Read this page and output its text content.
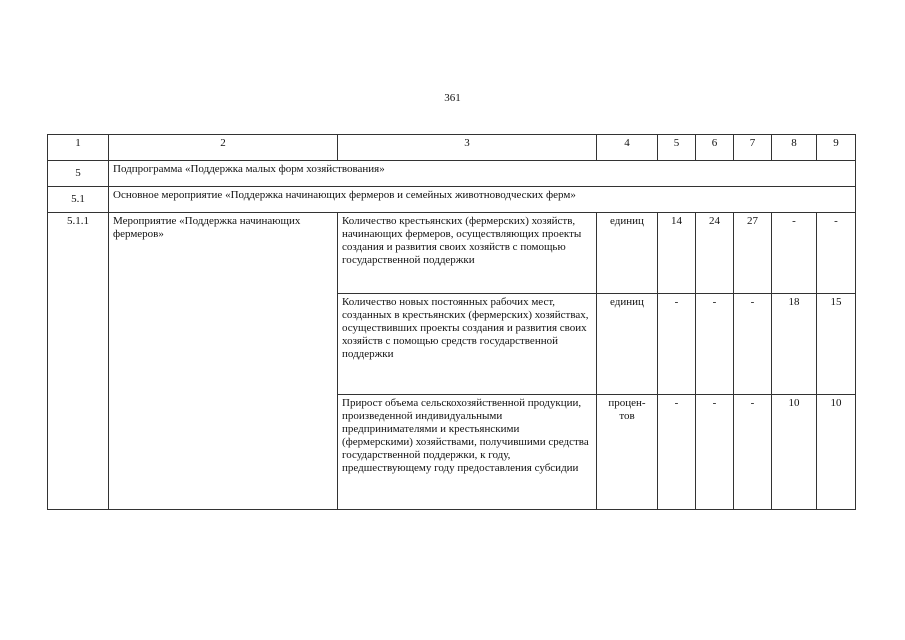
361
1	2	3	4	5	6	7	8	9
5	Подпрограмма «Поддержка малых форм хозяйствования»							
5.1	Основное мероприятие «Поддержка начинающих фермеров и семейных животноводческих ферм»							
5.1.1	Мероприятие «Поддержка начинающих фермеров»	Количество крестьянских (фермерских) хозяйств, начинающих фермеров, осуществляющих проекты создания и развития своих хозяйств с помощью государственной поддержки	единиц	14	24	27	-	-
		Количество новых постоянных рабочих мест, созданных в крестьянских (фермерских) хозяйствах, осуществивших проекты создания и развития своих хозяйств с помощью средств государственной поддержки	единиц	-	-	-	18	15
		Прирост объема сельскохозяйственной продукции, произведенной индивидуальными предпринимателями и крестьянскими (фермерскими) хозяйствами, получившими средства государственной поддержки, к году, предшествующему году предоставления субсидии	процен-тов	-	-	-	10	10
